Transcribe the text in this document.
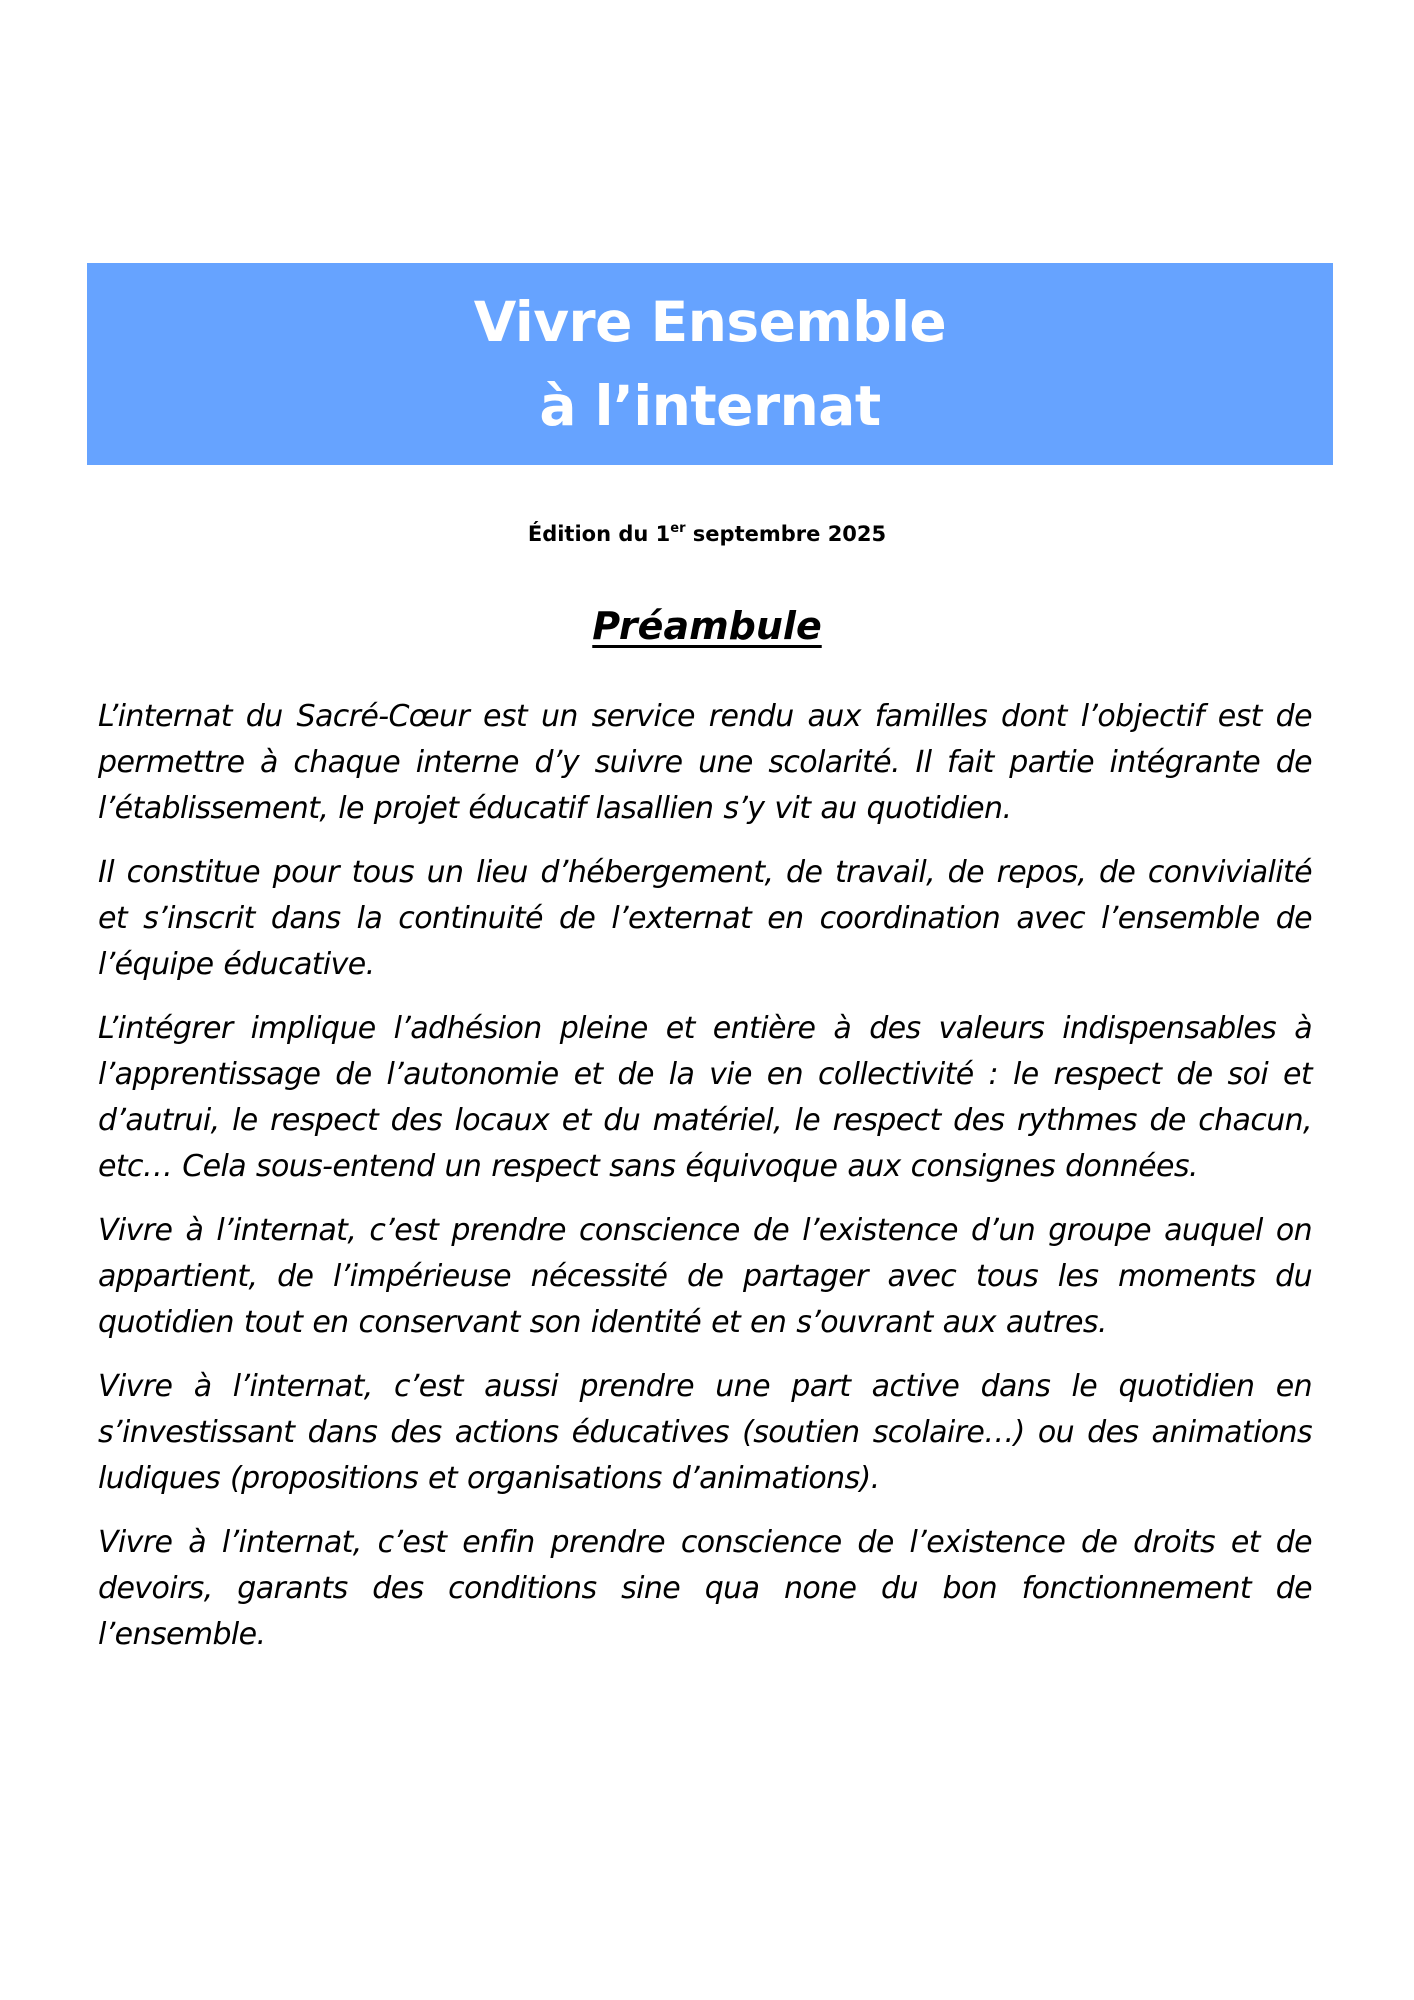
Vivre Ensemble
à l’internat
Édition du 1er septembre 2025
Préambule

L’internat du Sacré-Cœur est un service rendu aux familles dont l’objectif est de permettre à chaque interne d’y suivre une scolarité. Il fait partie intégrante de l’établissement, le projet éducatif lasallien s’y vit au quotidien.

Il constitue pour tous un lieu d’hébergement, de travail, de repos, de convivialité et s’inscrit dans la continuité de l’externat en coordination avec l’ensemble de l’équipe éducative.

L’intégrer implique l’adhésion pleine et entière à des valeurs indispensables à l’apprentissage de l’autonomie et de la vie en collectivité : le respect de soi et d’autrui, le respect des locaux et du matériel, le respect des rythmes de chacun, etc… Cela sous-entend un respect sans équivoque aux consignes données.

Vivre à l’internat, c’est prendre conscience de l’existence d’un groupe auquel on appartient, de l’impérieuse nécessité de partager avec tous les moments du quotidien tout en conservant son identité et en s’ouvrant aux autres.

Vivre à l’internat, c’est aussi prendre une part active dans le quotidien en s’investissant dans des actions éducatives (soutien scolaire…) ou des animations ludiques (propositions et organisations d’animations).

Vivre à l’internat, c’est enfin prendre conscience de l’existence de droits et de devoirs, garants des conditions sine qua none du bon fonctionnement de l’ensemble.
